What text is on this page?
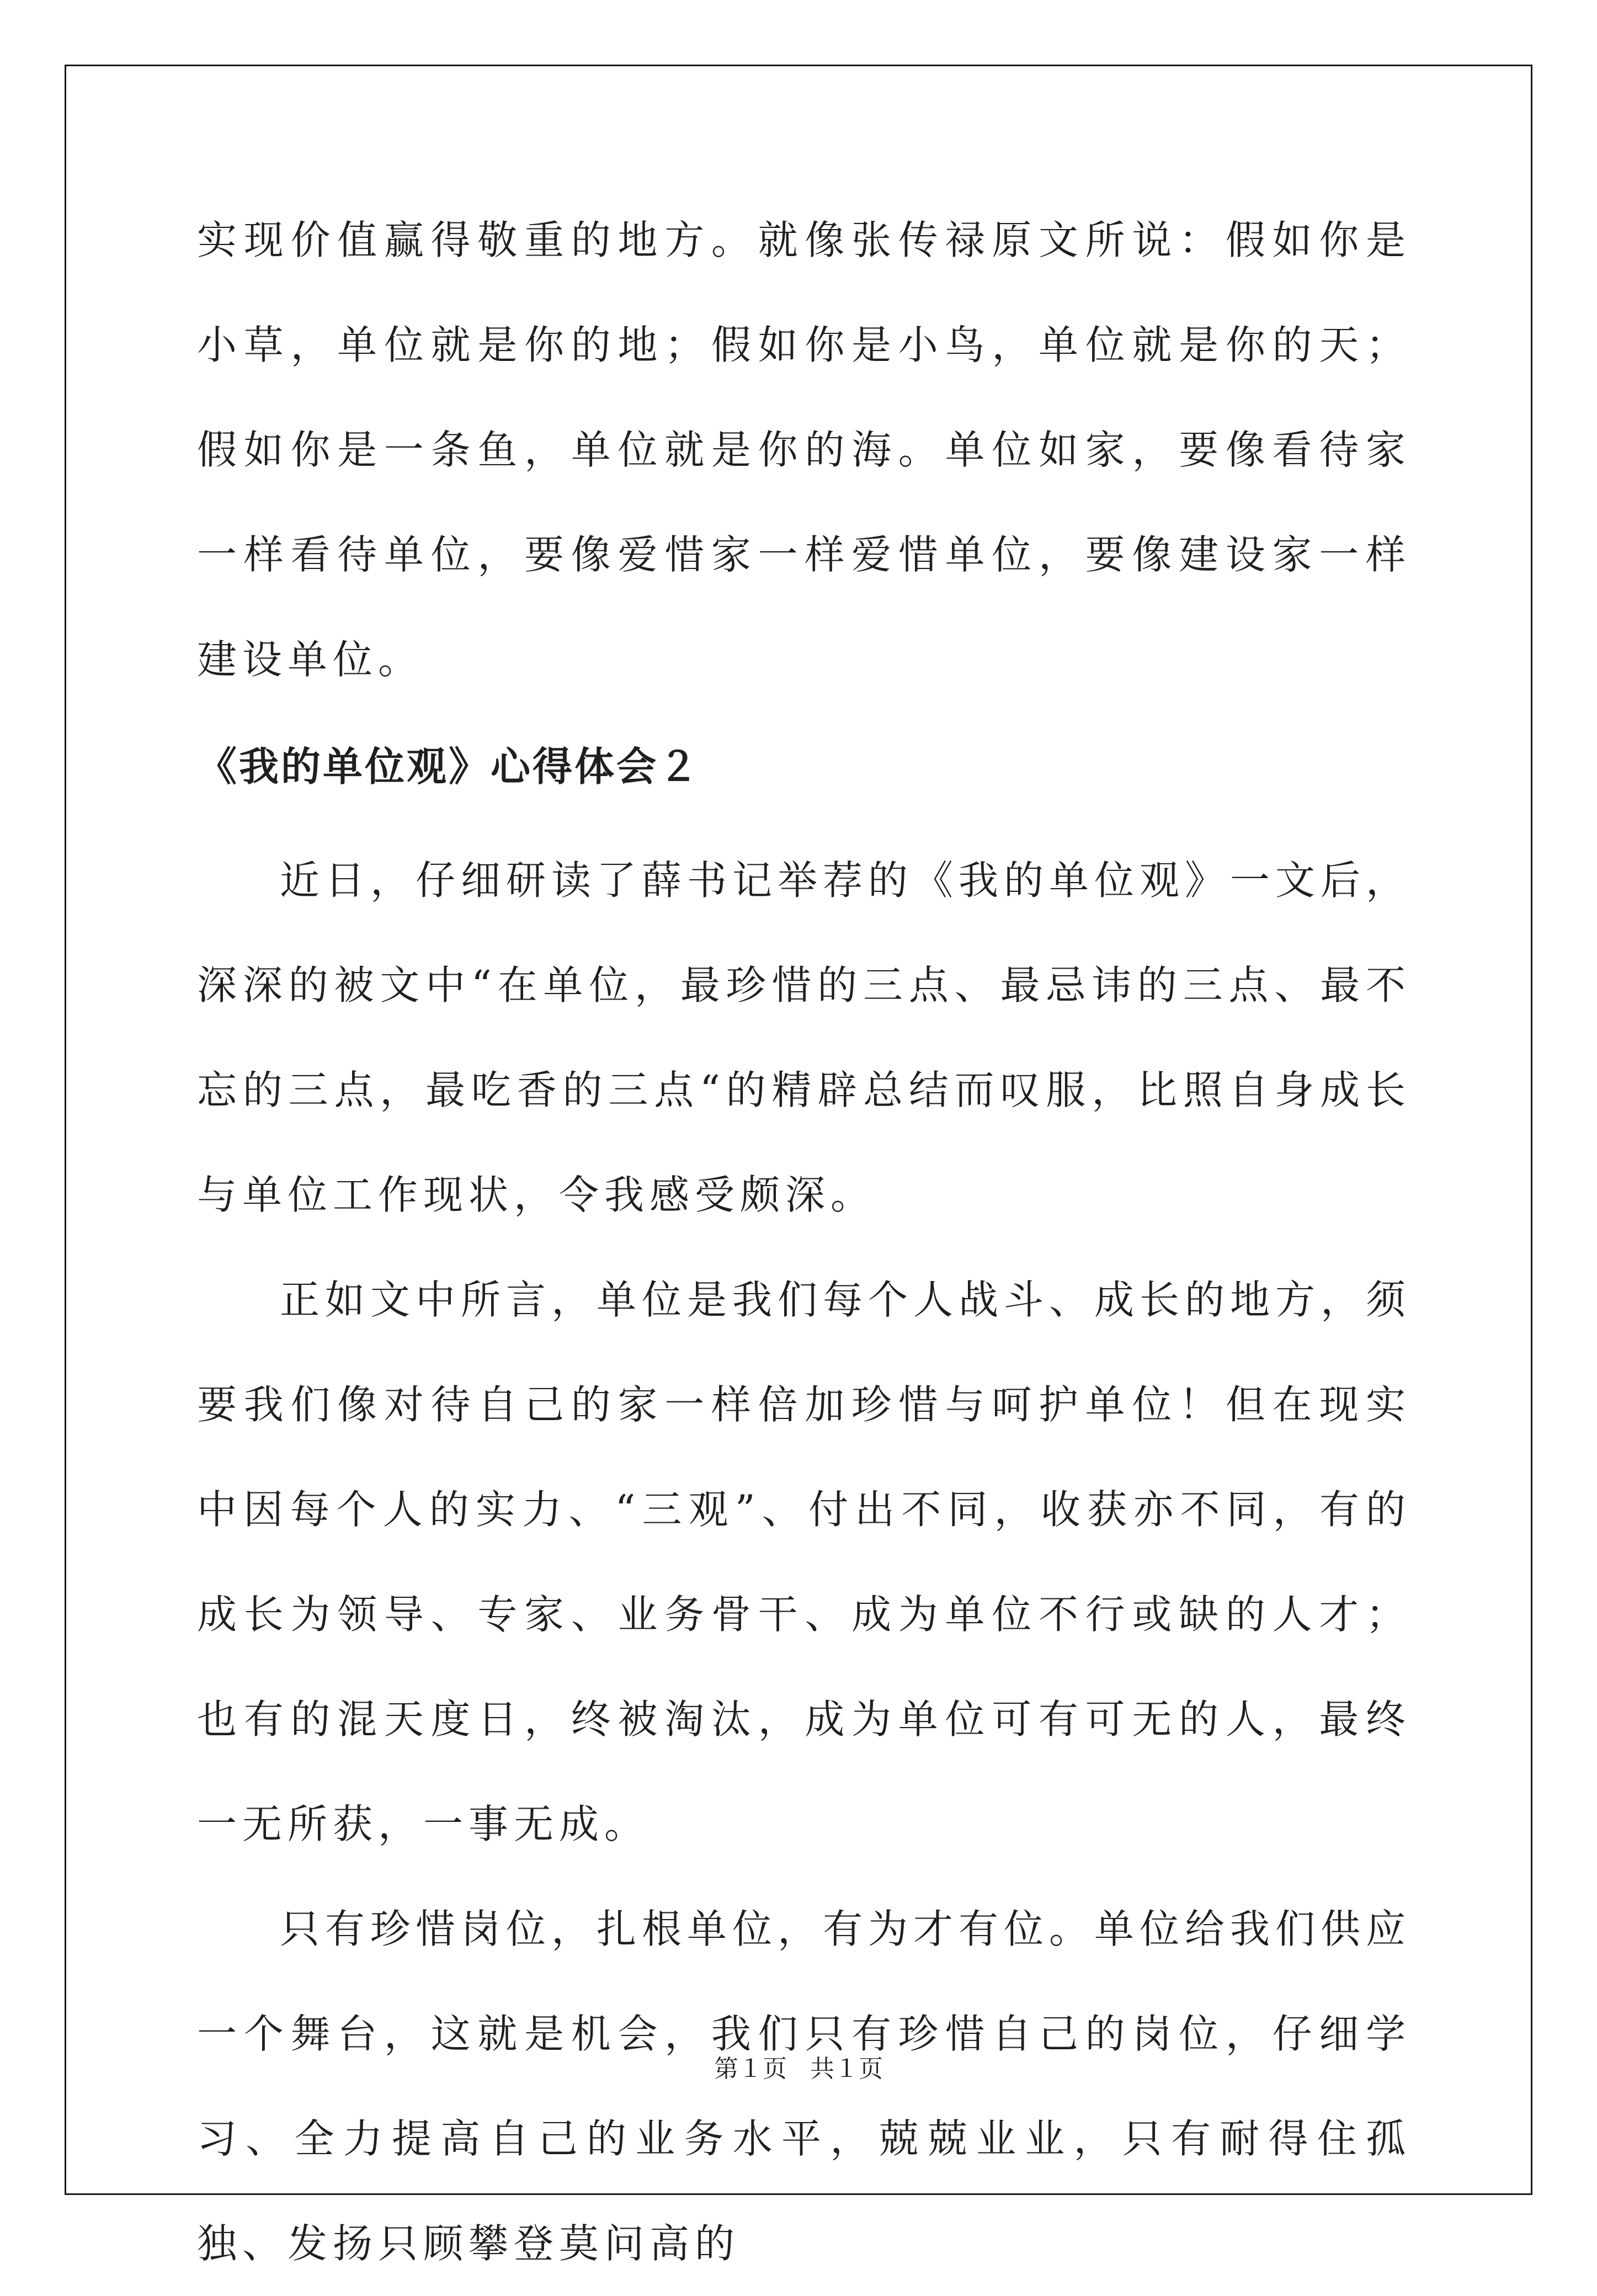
实现价值赢得敬重的地方。就像张传禄原文所说：假如你是小草，单位就是你的地；假如你是小鸟，单位就是你的天；假如你是一条鱼，单位就是你的海。单位如家，要像看待家一样看待单位，要像爱惜家一样爱惜单位，要像建设家一样建设单位。

《我的单位观》心得体会２

近日，仔细研读了薛书记举荐的《我的单位观》一文后，深深的被文中“在单位，最珍惜的三点、最忌讳的三点、最不忘的三点，最吃香的三点“的精辟总结而叹服，比照自身成长与单位工作现状，令我感受颇深。

正如文中所言，单位是我们每个人战斗、成长的地方，须要我们像对待自己的家一样倍加珍惜与呵护单位！但在现实中因每个人的实力、“三观”、付出不同，收获亦不同，有的成长为领导、专家、业务骨干、成为单位不行或缺的人才；也有的混天度日，终被淘汰，成为单位可有可无的人，最终一无所获，一事无成。

只有珍惜岗位，扎根单位，有为才有位。单位给我们供应一个舞台，这就是机会，我们只有珍惜自己的岗位，仔细学习、全力提高自己的业务水平，兢兢业业，只有耐得住孤独、发扬只顾攀登莫问高的

第１页 共１页
